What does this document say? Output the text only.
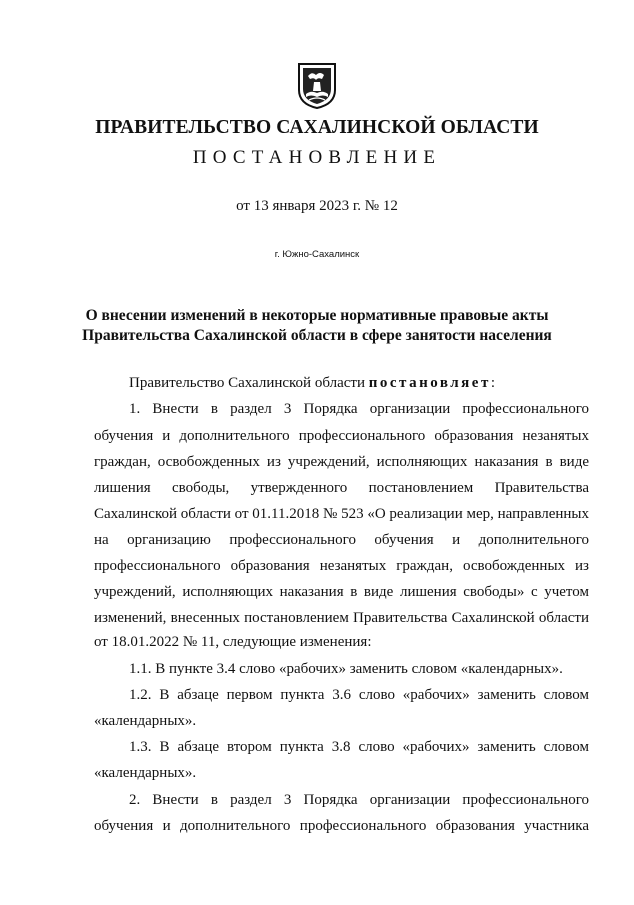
ПРАВИТЕЛЬСТВО САХАЛИНСКОЙ ОБЛАСТИ
ПОСТАНОВЛЕНИЕ
от 13 января 2023 г. № 12
г. Южно-Сахалинск
О внесении изменений в некоторые нормативные правовые акты
Правительства Сахалинской области в сфере занятости населения
Правительство Сахалинской области постановляет:
1. Внести в раздел 3 Порядка организации профессионального
обучения и дополнительного профессионального образования незанятых
граждан, освобожденных из учреждений, исполняющих наказания в виде
лишения свободы, утвержденного постановлением Правительства
Сахалинской области от 01.11.2018 № 523 «О реализации мер, направленных
на организацию профессионального обучения и дополнительного
профессионального образования незанятых граждан, освобожденных из
учреждений, исполняющих наказания в виде лишения свободы» с учетом
изменений, внесенных постановлением Правительства Сахалинской области
от 18.01.2022 № 11, следующие изменения:
1.1. В пункте 3.4 слово «рабочих» заменить словом «календарных».
1.2. В абзаце первом пункта 3.6 слово «рабочих» заменить словом
«календарных».
1.3. В абзаце втором пункта 3.8 слово «рабочих» заменить словом
«календарных».
2. Внести в раздел 3 Порядка организации профессионального
обучения и дополнительного профессионального образования участника
